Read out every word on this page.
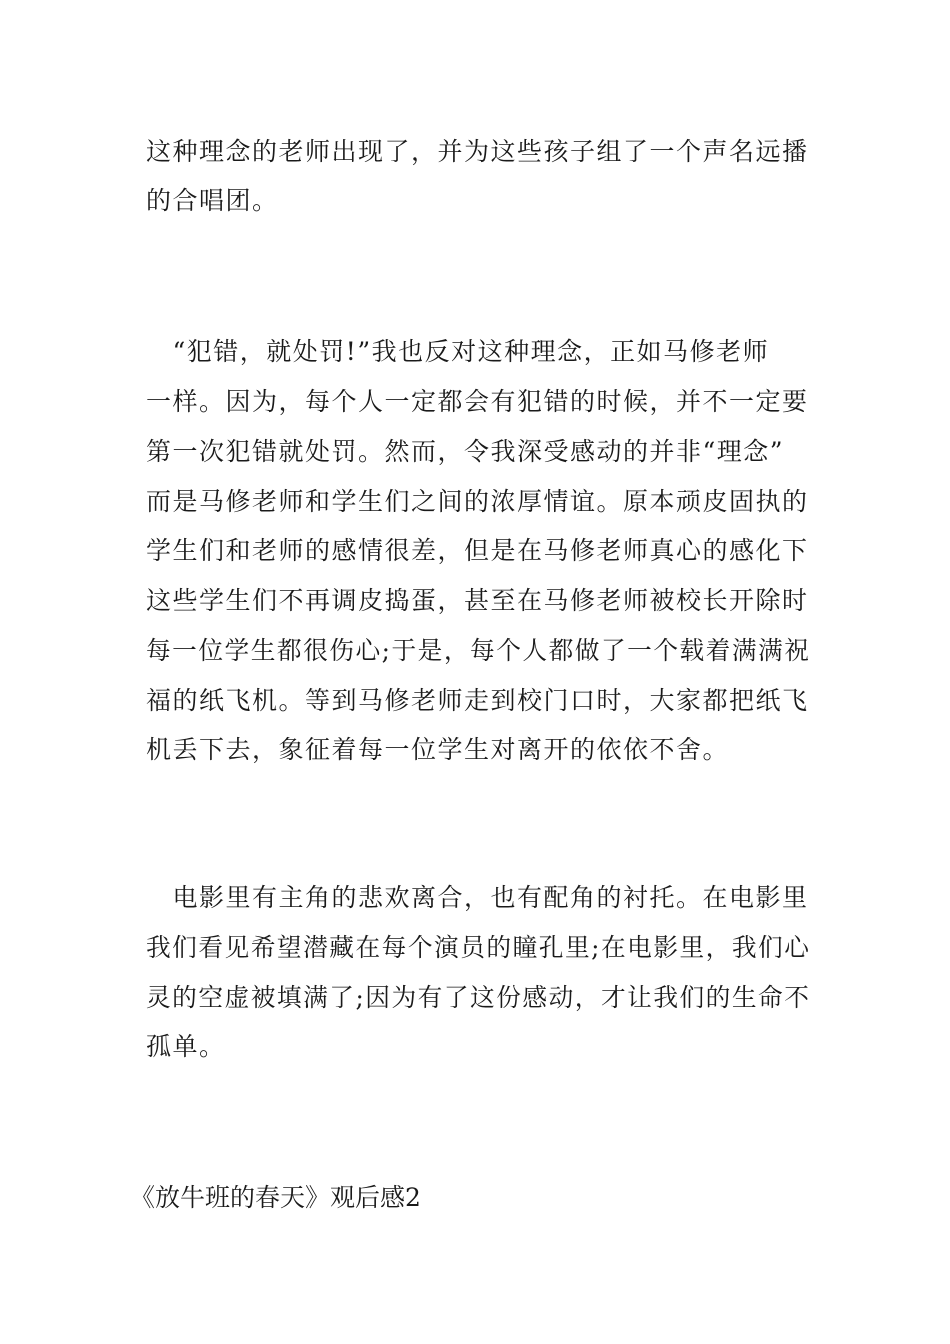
这种理念的老师出现了，并为这些孩子组了一个声名远播
的合唱团。
　“犯错，就处罚!”我也反对这种理念，正如马修老师
一样。因为，每个人一定都会有犯错的时候，并不一定要
第一次犯错就处罚。然而，令我深受感动的并非“理念”
而是马修老师和学生们之间的浓厚情谊。原本顽皮固执的
学生们和老师的感情很差，但是在马修老师真心的感化下
这些学生们不再调皮捣蛋，甚至在马修老师被校长开除时
每一位学生都很伤心;于是，每个人都做了一个载着满满祝
福的纸飞机。等到马修老师走到校门口时，大家都把纸飞
机丢下去，象征着每一位学生对离开的依依不舍。
　电影里有主角的悲欢离合，也有配角的衬托。在电影里
我们看见希望潜藏在每个演员的瞳孔里;在电影里，我们心
灵的空虚被填满了;因为有了这份感动，才让我们的生命不
孤单。
《放牛班的春天》观后感2
